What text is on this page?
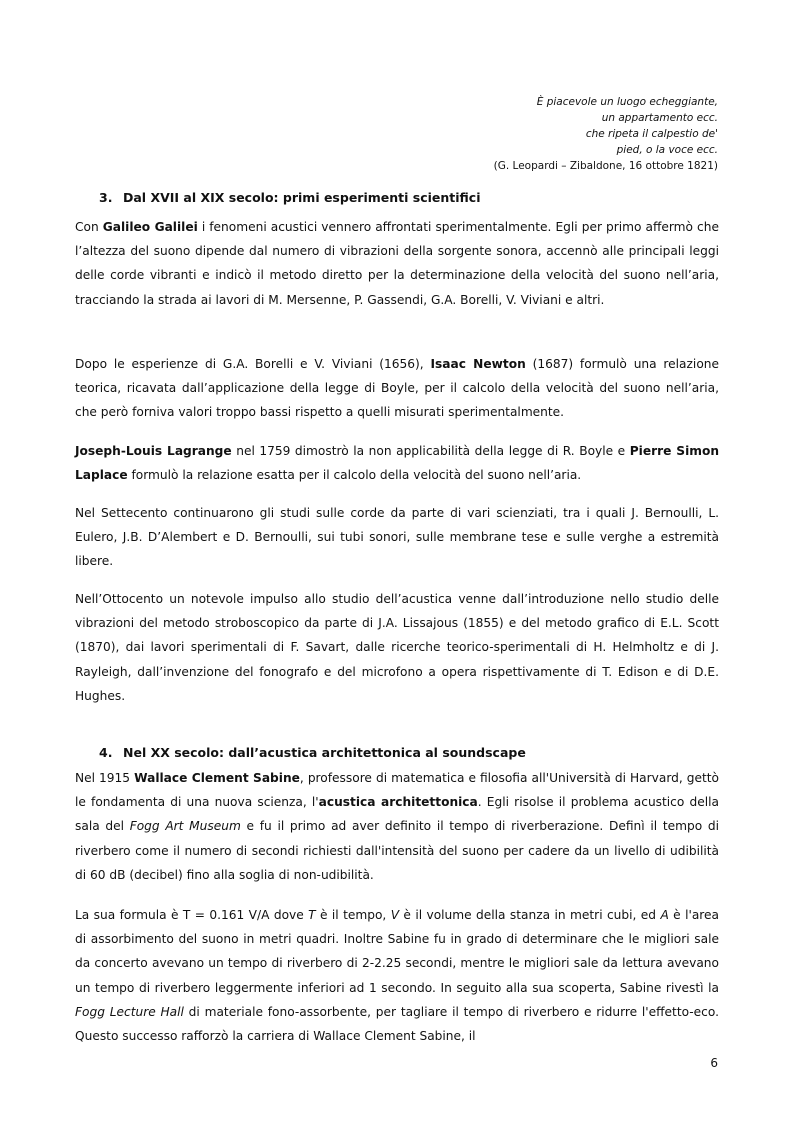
È piacevole un luogo echeggiante,
un appartamento ecc.
che ripeta il calpestio de'
pied, o la voce ecc.
(G. Leopardi – Zibaldone, 16 ottobre 1821)
3. Dal XVII al XIX secolo: primi esperimenti scientifici

Con Galileo Galilei i fenomeni acustici vennero affrontati sperimentalmente. Egli per primo affermò che l’altezza del suono dipende dal numero di vibrazioni della sorgente sonora, accennò alle principali leggi delle corde vibranti e indicò il metodo diretto per la determinazione della velocità del suono nell’aria, tracciando la strada ai lavori di M. Mersenne, P. Gassendi, G.A. Borelli, V. Viviani e altri.

Dopo le esperienze di G.A. Borelli e V. Viviani (1656), Isaac Newton (1687) formulò una relazione teorica, ricavata dall’applicazione della legge di Boyle, per il calcolo della velocità del suono nell’aria, che però forniva valori troppo bassi rispetto a quelli misurati sperimentalmente.

Joseph-Louis Lagrange nel 1759 dimostrò la non applicabilità della legge di R. Boyle e Pierre Simon Laplace formulò la relazione esatta per il calcolo della velocità del suono nell’aria.

Nel Settecento continuarono gli studi sulle corde da parte di vari scienziati, tra i quali J. Bernoulli, L. Eulero, J.B. D’Alembert e D. Bernoulli, sui tubi sonori, sulle membrane tese e sulle verghe a estremità libere.

Nell’Ottocento un notevole impulso allo studio dell’acustica venne dall’introduzione nello studio delle vibrazioni del metodo stroboscopico da parte di J.A. Lissajous (1855) e del metodo grafico di E.L. Scott (1870), dai lavori sperimentali di F. Savart, dalle ricerche teorico-sperimentali di H. Helmholtz e di J. Rayleigh, dall’invenzione del fonografo e del microfono a opera rispettivamente di T. Edison e di D.E. Hughes.

4. Nel XX secolo: dall’acustica architettonica al soundscape

Nel 1915 Wallace Clement Sabine, professore di matematica e filosofia all'Università di Harvard, gettò le fondamenta di una nuova scienza, l'acustica architettonica. Egli risolse il problema acustico della sala del Fogg Art Museum e fu il primo ad aver definito il tempo di riverberazione. Definì il tempo di riverbero come il numero di secondi richiesti dall'intensità del suono per cadere da un livello di udibilità di 60 dB (decibel) fino alla soglia di non-udibilità.

La sua formula è T = 0.161 V/A dove T è il tempo, V è il volume della stanza in metri cubi, ed A è l'area di assorbimento del suono in metri quadri. Inoltre Sabine fu in grado di determinare che le migliori sale da concerto avevano un tempo di riverbero di 2-2.25 secondi, mentre le migliori sale da lettura avevano un tempo di riverbero leggermente inferiori ad 1 secondo. In seguito alla sua scoperta, Sabine rivestì la Fogg Lecture Hall di materiale fono-assorbente, per tagliare il tempo di riverbero e ridurre l'effetto-eco. Questo successo rafforzò la carriera di Wallace Clement Sabine, il

6
